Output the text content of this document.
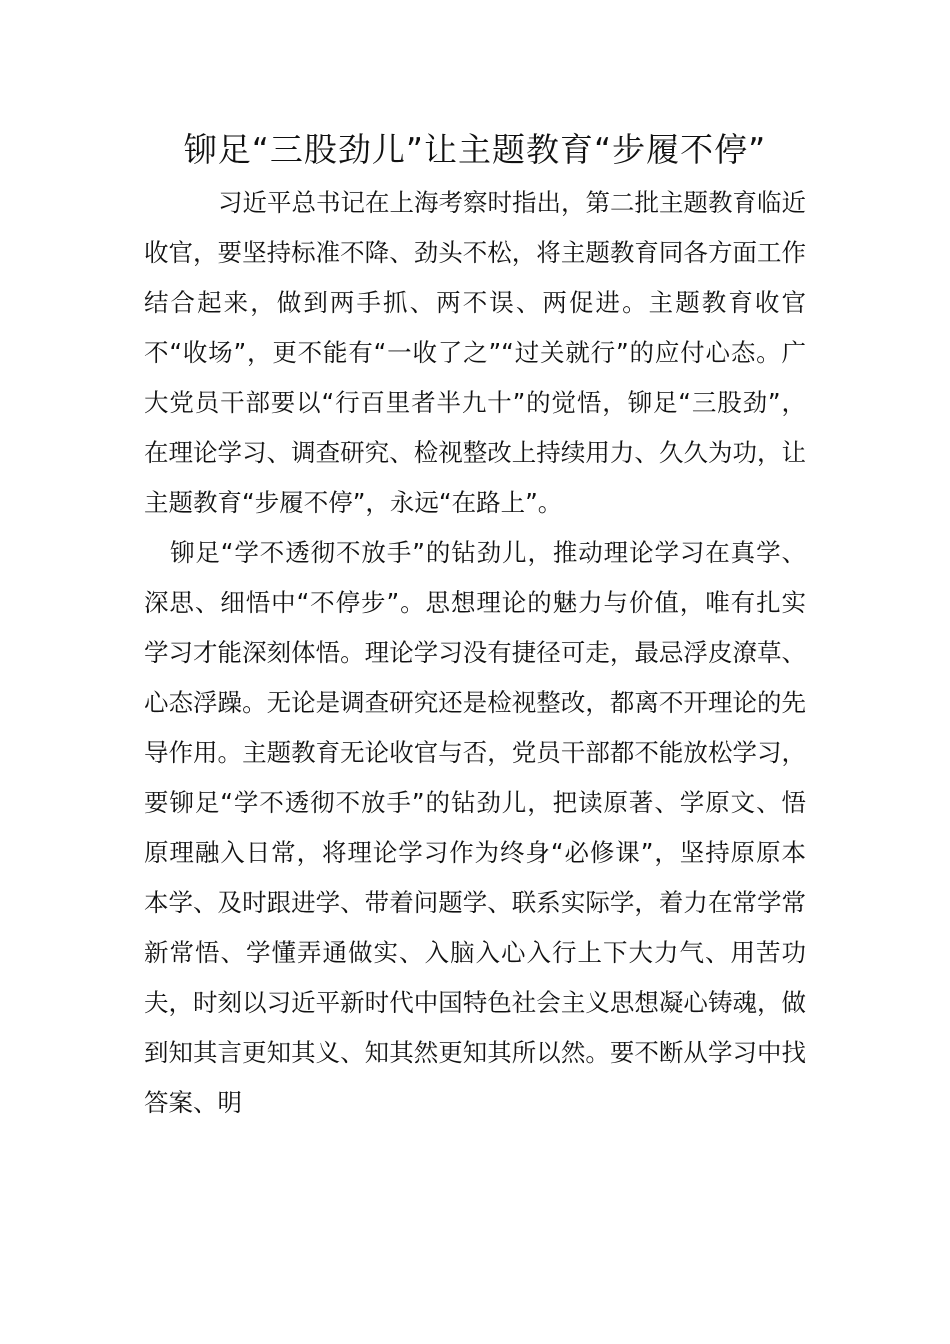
铆足“三股劲儿”让主题教育“步履不停”

习近平总书记在上海考察时指出，第二批主题教育临近收官，要坚持标准不降、劲头不松，将主题教育同各方面工作结合起来，做到两手抓、两不误、两促进。主题教育收官不“收场”，更不能有“一收了之”“过关就行”的应付心态。广大党员干部要以“行百里者半九十”的觉悟，铆足“三股劲”，在理论学习、调查研究、检视整改上持续用力、久久为功，让主题教育“步履不停”，永远“在路上”。

铆足“学不透彻不放手”的钻劲儿，推动理论学习在真学、深思、细悟中“不停步”。思想理论的魅力与价值，唯有扎实学习才能深刻体悟。理论学习没有捷径可走，最忌浮皮潦草、心态浮躁。无论是调查研究还是检视整改，都离不开理论的先导作用。主题教育无论收官与否，党员干部都不能放松学习，要铆足“学不透彻不放手”的钻劲儿，把读原著、学原文、悟原理融入日常，将理论学习作为终身“必修课”，坚持原原本本学、及时跟进学、带着问题学、联系实际学，着力在常学常新常悟、学懂弄通做实、入脑入心入行上下大力气、用苦功夫，时刻以习近平新时代中国特色社会主义思想凝心铸魂，做到知其言更知其义、知其然更知其所以然。要不断从学习中找答案、明
